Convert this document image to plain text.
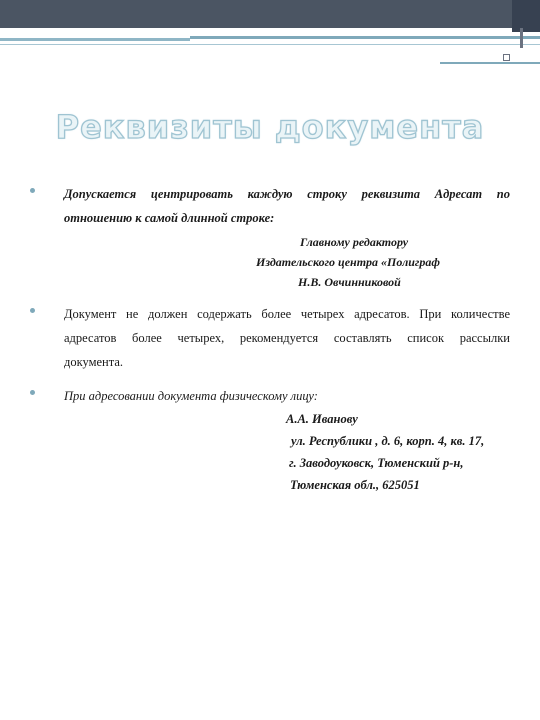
Реквизиты документа
Допускается центрировать каждую строку реквизита Адресат по
отношению к самой длинной строке:
Главному редактору
Издательского центра «Полиграф
Н.В. Овчинниковой
Документ не должен содержать более четырех адресатов. При количестве
адресатов более четырех, рекомендуется составлять список рассылки
документа.
При адресовании документа физическому лицу:
А.А. Иванову
ул. Республики , д. 6, корп. 4, кв. 17,
г. Заводоуковск, Тюменский р-н,
Тюменская обл., 625051
